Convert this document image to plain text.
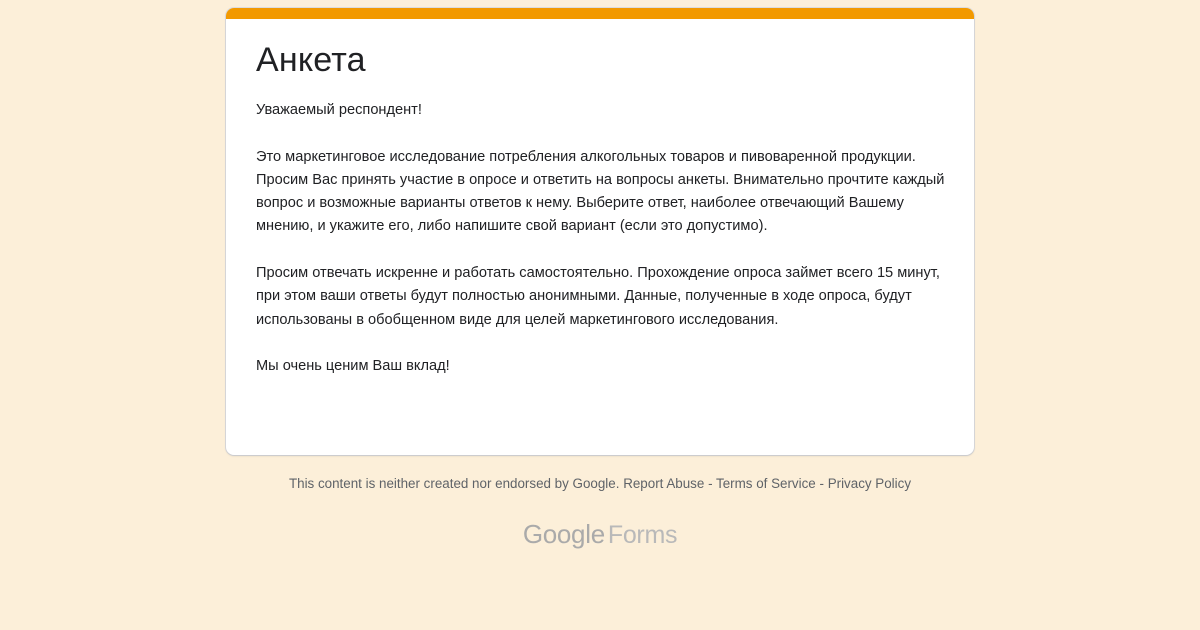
Анкета

Уважаемый респондент!

Это маркетинговое исследование потребления алкогольных товаров и пивоваренной продукции. Просим Вас принять участие в опросе и ответить на вопросы анкеты. Внимательно прочтите каждый вопрос и возможные варианты ответов к нему. Выберите ответ, наиболее отвечающий Вашему мнению, и укажите его, либо напишите свой вариант (если это допустимо).

Просим отвечать искренне и работать самостоятельно. Прохождение опроса займет всего 15 минут, при этом ваши ответы будут полностью анонимными. Данные, полученные в ходе опроса, будут использованы в обобщенном виде для целей маркетингового исследования.

Мы очень ценим Ваш вклад!

This content is neither created nor endorsed by Google. Report Abuse - Terms of Service - Privacy Policy
Google Forms
